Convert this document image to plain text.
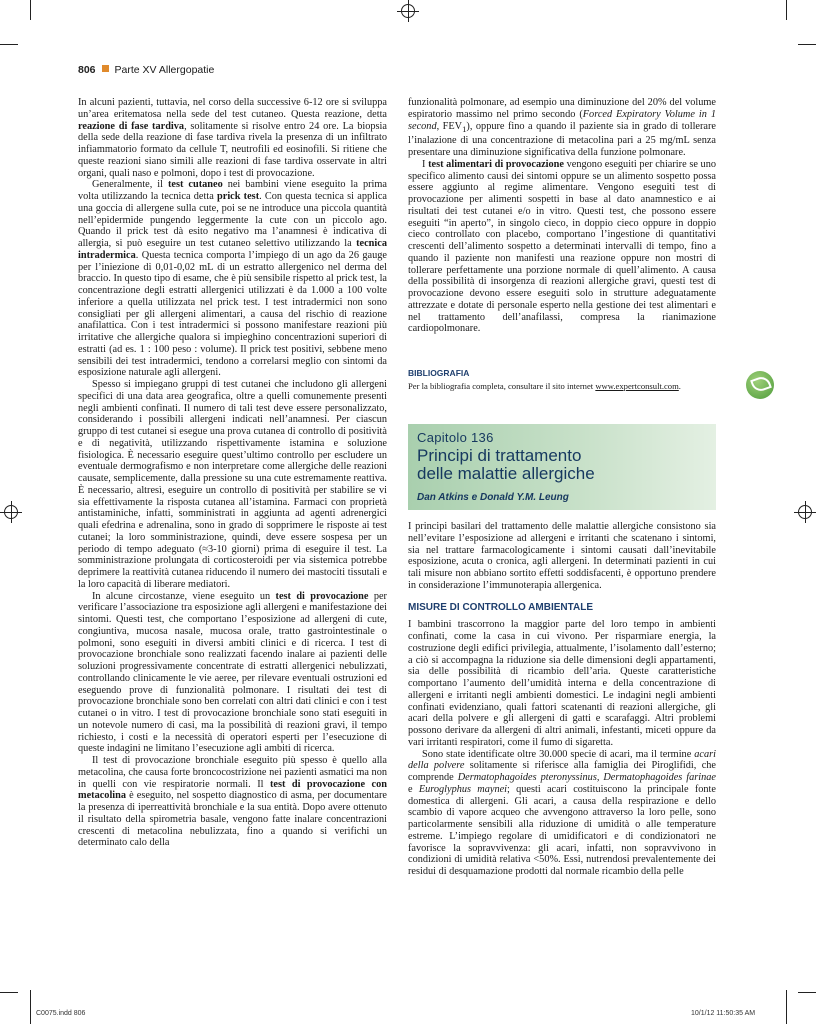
806 Parte XV Allergopatie

In alcuni pazienti, tuttavia, nel corso della successive 6-12 ore si sviluppa un’area eritematosa nella sede del test cutaneo. Questa reazione, detta reazione di fase tardiva, solitamente si risolve entro 24 ore. La biopsia della sede della reazione di fase tardiva rivela la presenza di un infiltrato infiammatorio formato da cellule T, neutrofili ed eosinofili. Si ritiene che queste reazioni siano simili alle reazioni di fase tardiva osservate in altri organi, quali naso e polmoni, dopo i test di provocazione.

Generalmente, il test cutaneo nei bambini viene eseguito la prima volta utilizzando la tecnica detta prick test. Con questa tecnica si applica una goccia di allergene sulla cute, poi se ne introduce una piccola quantità nell’epidermide pungendo leggermente la cute con un piccolo ago. Quando il prick test dà esito negativo ma l’anamnesi è indicativa di allergia, si può eseguire un test cutaneo selettivo utilizzando la tecnica intradermica. Questa tecnica comporta l’impiego di un ago da 26 gauge per l’iniezione di 0,01-0,02 mL di un estratto allergenico nel derma del braccio. In questo tipo di esame, che è più sensibile rispetto al prick test, la concentrazione degli estratti allergenici utilizzati è da 1.000 a 100 volte inferiore a quella utilizzata nel prick test. I test intradermici non sono consigliati per gli allergeni alimentari, a causa del rischio di reazione anafilattica. Con i test intradermici si possono manifestare reazioni più irritative che allergiche qualora si impieghino concentrazioni superiori di estratti (ad es. 1 : 100 peso : volume). Il prick test positivi, sebbene meno sensibili dei test intradermici, tendono a correlarsi meglio con sintomi da esposizione naturale agli allergeni.

Spesso si impiegano gruppi di test cutanei che includono gli allergeni specifici di una data area geografica, oltre a quelli comunemente presenti negli ambienti confinati. Il numero di tali test deve essere personalizzato, considerando i possibili allergeni indicati nell’anamnesi. Per ciascun gruppo di test cutanei si esegue una prova cutanea di controllo di positività e di negatività, utilizzando rispettivamente istamina e soluzione fisiologica. È necessario eseguire quest’ultimo controllo per escludere un eventuale dermografismo e non interpretare come allergiche delle reazioni causate, semplicemente, dalla pressione su una cute estremamente reattiva. È necessario, altresì, eseguire un controllo di positività per stabilire se vi sia effettivamente la risposta cutanea all’istamina. Farmaci con proprietà antistaminiche, infatti, somministrati in aggiunta ad agenti adrenergici quali efedrina e adrenalina, sono in grado di sopprimere le risposte ai test cutanei; la loro somministrazione, quindi, deve essere sospesa per un periodo di tempo adeguato (≈3-10 giorni) prima di eseguire il test. La somministrazione prolungata di corticosteroidi per via sistemica potrebbe deprimere la reattività cutanea riducendo il numero dei mastociti tissutali e la loro capacità di liberare mediatori.

In alcune circostanze, viene eseguito un test di provocazione per verificare l’associazione tra esposizione agli allergeni e manifestazione dei sintomi. Questi test, che comportano l’esposizione ad allergeni di cute, congiuntiva, mucosa nasale, mucosa orale, tratto gastrointestinale o polmoni, sono eseguiti in diversi ambiti clinici e di ricerca. I test di provocazione bronchiale sono realizzati facendo inalare ai pazienti delle soluzioni progressivamente concentrate di estratti allergenici nebulizzati, controllando clinicamente le vie aeree, per rilevare eventuali ostruzioni ed eseguendo prove di funzionalità polmonare. I risultati dei test di provocazione bronchiale sono ben correlati con altri dati clinici e con i test cutanei o in vitro. I test di provocazione bronchiale sono stati eseguiti in un notevole numero di casi, ma la possibilità di reazioni gravi, il tempo richiesto, i costi e la necessità di operatori esperti per l’esecuzione di queste indagini ne limitano l’esecuzione agli ambiti di ricerca.

Il test di provocazione bronchiale eseguito più spesso è quello alla metacolina, che causa forte broncocostrizione nei pazienti asmatici ma non in quelli con vie respiratorie normali. Il test di provocazione con metacolina è eseguito, nel sospetto diagnostico di asma, per documentare la presenza di iperreattività bronchiale e la sua entità. Dopo avere ottenuto il risultato della spirometria basale, vengono fatte inalare concentrazioni crescenti di metacolina nebulizzata, fino a quando si verifichi un determinato calo della

funzionalità polmonare, ad esempio una diminuzione del 20% del volume espiratorio massimo nel primo secondo (Forced Expiratory Volume in 1 second, $FEV_1$), oppure fino a quando il paziente sia in grado di tollerare l’inalazione di una concentrazione di metacolina pari a 25 mg/mL senza presentare una diminuzione significativa della funzione polmonare.

I test alimentari di provocazione vengono eseguiti per chiarire se uno specifico alimento causi dei sintomi oppure se un alimento sospetto possa essere aggiunto al regime alimentare. Vengono eseguiti test di provocazione per alimenti sospetti in base al dato anamnestico e ai risultati dei test cutanei e/o in vitro. Questi test, che possono essere eseguiti “in aperto”, in singolo cieco, in doppio cieco oppure in doppio cieco controllato con placebo, comportano l’ingestione di quantitativi crescenti dell’alimento sospetto a determinati intervalli di tempo, fino a quando il paziente non manifesti una reazione oppure non mostri di tollerare perfettamente una porzione normale di quell’alimento. A causa della possibilità di insorgenza di reazioni allergiche gravi, questi test di provocazione devono essere eseguiti solo in strutture adeguatamente attrezzate e dotate di personale esperto nella gestione dei test alimentari e nel trattamento dell’anafilassi, compresa la rianimazione cardiopolmonare.

BIBLIOGRAFIA
Per la bibliografia completa, consultare il sito internet www.expertconsult.com.
Capitolo 136
Principi di trattamento
delle malattie allergiche
Dan Atkins e Donald Y.M. Leung

I principi basilari del trattamento delle malattie allergiche consistono sia nell’evitare l’esposizione ad allergeni e irritanti che scatenano i sintomi, sia nel trattare farmacologicamente i sintomi causati dall’inevitabile esposizione, acuta o cronica, agli allergeni. In determinati pazienti in cui tali misure non abbiano sortito effetti soddisfacenti, è opportuno prendere in considerazione l’immunoterapia allergenica.

MISURE DI CONTROLLO AMBIENTALE

I bambini trascorrono la maggior parte del loro tempo in ambienti confinati, come la casa in cui vivono. Per risparmiare energia, la costruzione degli edifici privilegia, attualmente, l’isolamento dall’esterno; a ciò si accompagna la riduzione sia delle dimensioni degli appartamenti, sia delle possibilità di ricambio dell’aria. Queste caratteristiche comportano l’aumento dell’umidità interna e della concentrazione di allergeni e irritanti negli ambienti domestici. Le indagini negli ambienti confinati evidenziano, quali fattori scatenanti di reazioni allergiche, gli acari della polvere e gli allergeni di gatti e scarafaggi. Altri problemi possono derivare da allergeni di altri animali, infestanti, miceti oppure da vari irritanti respiratori, come il fumo di sigaretta.

Sono state identificate oltre 30.000 specie di acari, ma il termine acari della polvere solitamente si riferisce alla famiglia dei Piroglifidi, che comprende Dermatophagoides pteronyssinus, Dermatophagoides farinae e Euroglyphus maynei; questi acari costituiscono la principale fonte domestica di allergeni. Gli acari, a causa della respirazione e dello scambio di vapore acqueo che avvengono attraverso la loro pelle, sono particolarmente sensibili alla riduzione di umidità o alle temperature estreme. L’impiego regolare di umidificatori e di condizionatori ne favorisce la sopravvivenza: gli acari, infatti, non sopravvivono in condizioni di umidità relativa <50%. Essi, nutrendosi prevalentemente dei residui di desquamazione prodotti dal normale ricambio della pelle

C0075.indd 806	10/1/12 11:50:35 AM
